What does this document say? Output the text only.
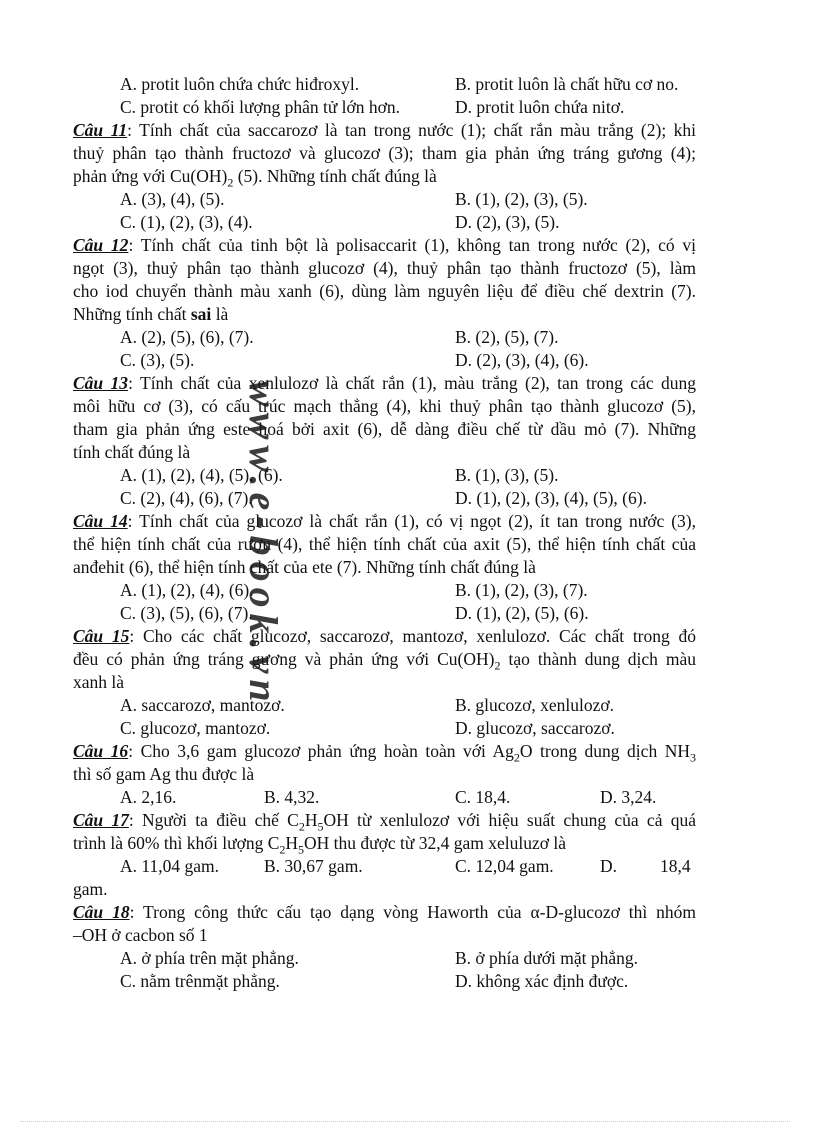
A. protit luôn chứa chức hiđroxyl.	B. protit luôn là chất hữu cơ no.
C. protit có khối lượng phân tử lớn hơn.	D. protit luôn chứa nitơ.
Câu 11: Tính chất của saccarozơ là tan trong nước (1); chất rắn màu trắng (2); khi
thuỷ phân tạo thành fructozơ và glucozơ (3); tham gia phản ứng tráng gương (4);
phản ứng với $Cu(OH)_2$ (5). Những tính chất đúng là
A. (3), (4), (5).	B. (1), (2), (3), (5).
C. (1), (2), (3), (4).	D. (2), (3), (5).
Câu 12: Tính chất của tinh bột là polisaccarit (1), không tan trong nước (2), có vị
ngọt (3), thuỷ phân tạo thành glucozơ (4), thuỷ phân tạo thành fructozơ (5), làm
cho iod chuyển thành màu xanh (6), dùng làm nguyên liệu để điều chế dextrin (7).
Những tính chất sai là
A. (2), (5), (6), (7).	B. (2), (5), (7).
C. (3), (5).	D. (2), (3), (4), (6).
Câu 13: Tính chất của xenlulozơ là chất rắn (1), màu trắng (2), tan trong các dung
môi hữu cơ (3), có cấu trúc mạch thẳng (4), khi thuỷ phân tạo thành glucozơ (5),
tham gia phản ứng este hoá bởi axit (6), dễ dàng điều chế từ dầu mỏ (7). Những
tính chất đúng là
A. (1), (2), (4), (5), (6).	B. (1), (3), (5).
C. (2), (4), (6), (7).	D. (1), (2), (3), (4), (5), (6).
Câu 14: Tính chất của glucozơ là chất rắn (1), có vị ngọt (2), ít tan trong nước (3),
thể hiện tính chất của rượu (4), thể hiện tính chất của axit (5), thể hiện tính chất của
anđehit (6), thể hiện tính chất của ete (7). Những tính chất đúng là
A. (1), (2), (4), (6).	B. (1), (2), (3), (7).
C. (3), (5), (6), (7).	D. (1), (2), (5), (6).
Câu 15: Cho các chất glucozơ, saccarozơ, mantozơ, xenlulozơ. Các chất trong đó
đều có phản ứng tráng gương và phản ứng với $Cu(OH)_2$ tạo thành dung dịch màu
xanh là
A. saccarozơ, mantozơ.	B. glucozơ, xenlulozơ.
C. glucozơ, mantozơ.	D. glucozơ, saccarozơ.
Câu 16: Cho 3,6 gam glucozơ phản ứng hoàn toàn với $Ag_2O$ trong dung dịch $NH_3$
thì số gam Ag thu được là
A. 2,16.	B. 4,32.	C. 18,4.	D. 3,24.
Câu 17: Người ta điều chế $C_2H_5OH$ từ xenlulozơ với hiệu suất chung của cả quá
trình là 60% thì khối lượng $C_2H_5OH$ thu được từ 32,4 gam xeluluzơ là
A. 11,04 gam.	B. 30,67 gam.	C. 12,04 gam.	D. 18,4
gam.
Câu 18: Trong công thức cấu tạo dạng vòng Haworth của α-D-glucozơ thì nhóm
–OH ở cacbon số 1
A. ở phía trên mặt phẳng.	B. ở phía dưới mặt phẳng.
C. nằm trênmặt phẳng.	D. không xác định được.
www.e-book.vn
